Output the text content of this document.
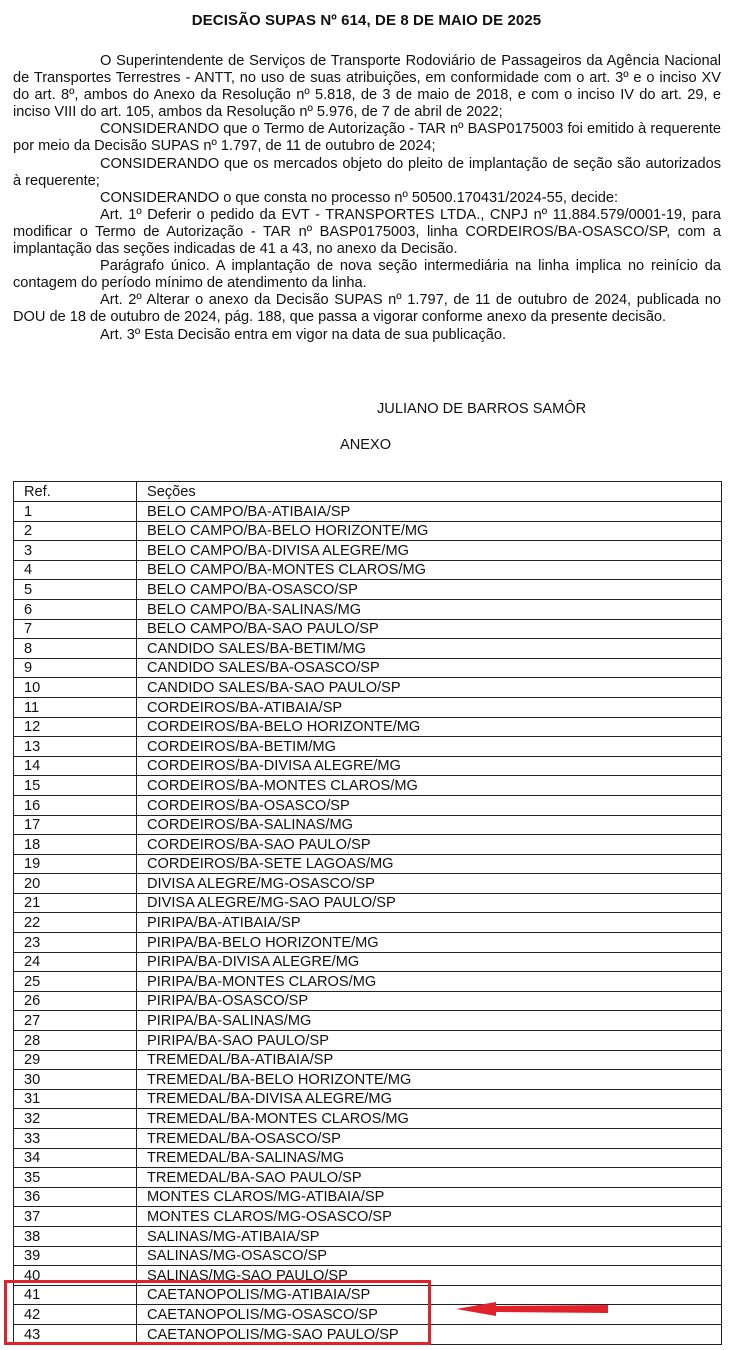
DECISÃO SUPAS Nº 614, DE 8 DE MAIO DE 2025

O Superintendente de Serviços de Transporte Rodoviário de Passageiros da Agência Nacional de Transportes Terrestres - ANTT, no uso de suas atribuições, em conformidade com o art. 3º e o inciso XV do art. 8º, ambos do Anexo da Resolução nº 5.818, de 3 de maio de 2018, e com o inciso IV do art. 29, e inciso VIII do art. 105, ambos da Resolução nº 5.976, de 7 de abril de 2022;

CONSIDERANDO que o Termo de Autorização - TAR nº BASP0175003 foi emitido à requerente por meio da Decisão SUPAS nº 1.797, de 11 de outubro de 2024;

CONSIDERANDO que os mercados objeto do pleito de implantação de seção são autorizados à requerente;

CONSIDERANDO o que consta no processo nº 50500.170431/2024-55, decide:

Art. 1º Deferir o pedido da EVT - TRANSPORTES LTDA., CNPJ nº 11.884.579/0001-19, para modificar o Termo de Autorização - TAR nº BASP0175003, linha CORDEIROS/BA-OSASCO/SP, com a implantação das seções indicadas de 41 a 43, no anexo da Decisão.

Parágrafo único. A implantação de nova seção intermediária na linha implica no reinício da contagem do período mínimo de atendimento da linha.

Art. 2º Alterar o anexo da Decisão SUPAS nº 1.797, de 11 de outubro de 2024, publicada no DOU de 18 de outubro de 2024, pág. 188, que passa a vigorar conforme anexo da presente decisão.

Art. 3º Esta Decisão entra em vigor na data de sua publicação.

JULIANO DE BARROS SAMÔR
ANEXO
Ref.	Seções
1	BELO CAMPO/BA-ATIBAIA/SP
2	BELO CAMPO/BA-BELO HORIZONTE/MG
3	BELO CAMPO/BA-DIVISA ALEGRE/MG
4	BELO CAMPO/BA-MONTES CLAROS/MG
5	BELO CAMPO/BA-OSASCO/SP
6	BELO CAMPO/BA-SALINAS/MG
7	BELO CAMPO/BA-SAO PAULO/SP
8	CANDIDO SALES/BA-BETIM/MG
9	CANDIDO SALES/BA-OSASCO/SP
10	CANDIDO SALES/BA-SAO PAULO/SP
11	CORDEIROS/BA-ATIBAIA/SP
12	CORDEIROS/BA-BELO HORIZONTE/MG
13	CORDEIROS/BA-BETIM/MG
14	CORDEIROS/BA-DIVISA ALEGRE/MG
15	CORDEIROS/BA-MONTES CLAROS/MG
16	CORDEIROS/BA-OSASCO/SP
17	CORDEIROS/BA-SALINAS/MG
18	CORDEIROS/BA-SAO PAULO/SP
19	CORDEIROS/BA-SETE LAGOAS/MG
20	DIVISA ALEGRE/MG-OSASCO/SP
21	DIVISA ALEGRE/MG-SAO PAULO/SP
22	PIRIPA/BA-ATIBAIA/SP
23	PIRIPA/BA-BELO HORIZONTE/MG
24	PIRIPA/BA-DIVISA ALEGRE/MG
25	PIRIPA/BA-MONTES CLAROS/MG
26	PIRIPA/BA-OSASCO/SP
27	PIRIPA/BA-SALINAS/MG
28	PIRIPA/BA-SAO PAULO/SP
29	TREMEDAL/BA-ATIBAIA/SP
30	TREMEDAL/BA-BELO HORIZONTE/MG
31	TREMEDAL/BA-DIVISA ALEGRE/MG
32	TREMEDAL/BA-MONTES CLAROS/MG
33	TREMEDAL/BA-OSASCO/SP
34	TREMEDAL/BA-SALINAS/MG
35	TREMEDAL/BA-SAO PAULO/SP
36	MONTES CLAROS/MG-ATIBAIA/SP
37	MONTES CLAROS/MG-OSASCO/SP
38	SALINAS/MG-ATIBAIA/SP
39	SALINAS/MG-OSASCO/SP
40	SALINAS/MG-SAO PAULO/SP
41	CAETANOPOLIS/MG-ATIBAIA/SP
42	CAETANOPOLIS/MG-OSASCO/SP
43	CAETANOPOLIS/MG-SAO PAULO/SP
